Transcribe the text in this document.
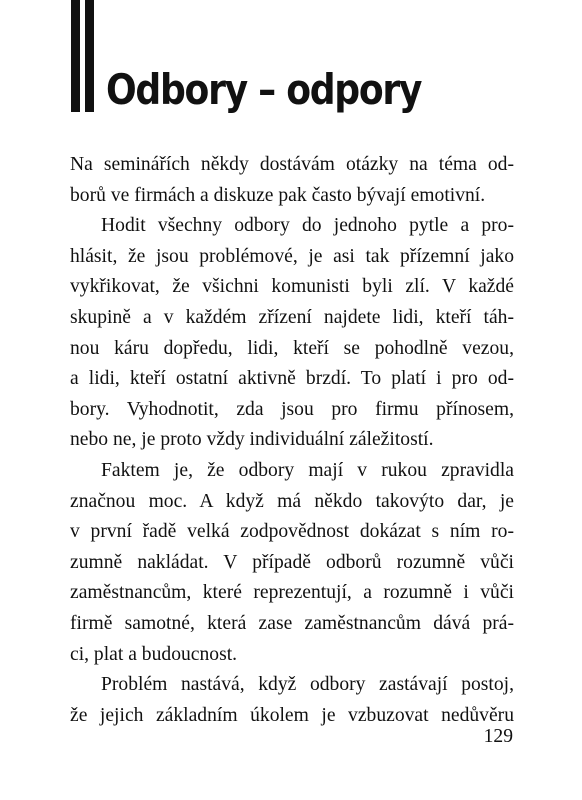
Odbory – odpory
Na seminářích někdy dostávám otázky na téma od-
borů ve firmách a diskuze pak často bývají emotivní.
Hodit všechny odbory do jednoho pytle a pro-
hlásit, že jsou problémové, je asi tak přízemní jako
vykřikovat, že všichni komunisti byli zlí. V každé
skupině a v každém zřízení najdete lidi, kteří táh-
nou káru dopředu, lidi, kteří se pohodlně vezou,
a lidi, kteří ostatní aktivně brzdí. To platí i pro od-
bory. Vyhodnotit, zda jsou pro firmu přínosem,
nebo ne, je proto vždy individuální záležitostí.
Faktem je, že odbory mají v rukou zpravidla
značnou moc. A když má někdo takovýto dar, je
v první řadě velká zodpovědnost dokázat s ním ro-
zumně nakládat. V případě odborů rozumně vůči
zaměstnancům, které reprezentují, a rozumně i vůči
firmě samotné, která zase zaměstnancům dává prá-
ci, plat a budoucnost.
Problém nastává, když odbory zastávají postoj,
že jejich základním úkolem je vzbuzovat nedůvěru
129
